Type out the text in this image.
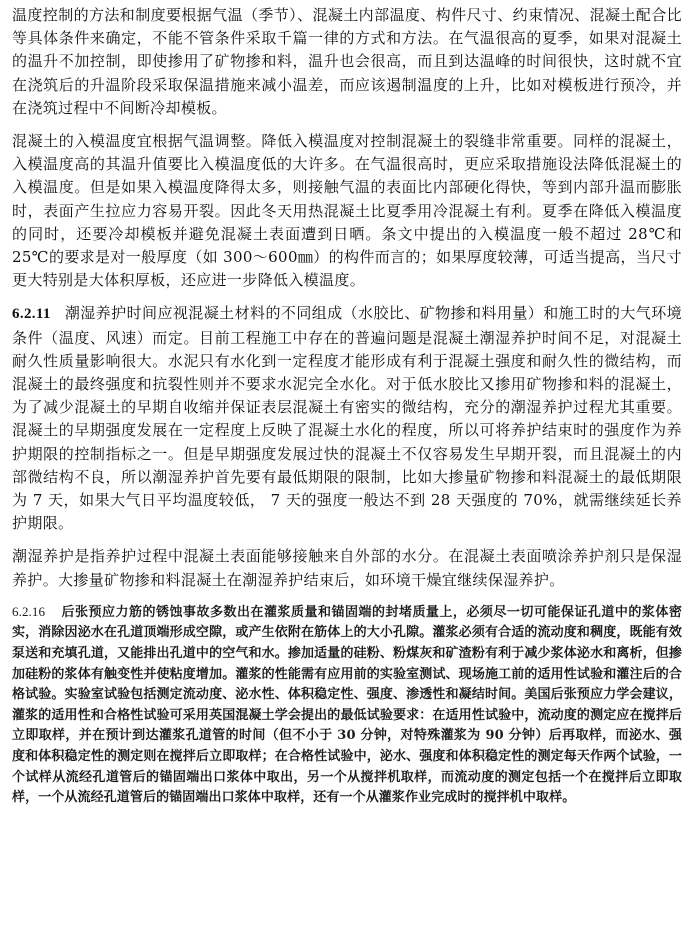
温度控制的方法和制度要根据气温（季节）、混凝土内部温度、构件尺寸、约束情况、混凝土配合比等具体条件来确定，不能不管条件采取千篇一律的方式和方法。在气温很高的夏季，如果对混凝土的温升不加控制，即使掺用了矿物掺和料，温升也会很高，而且到达温峰的时间很快，这时就不宜在浇筑后的升温阶段采取保温措施来减小温差，而应该遏制温度的上升，比如对模板进行预冷，并在浇筑过程中不间断冷却模板。

混凝土的入模温度宜根据气温调整。降低入模温度对控制混凝土的裂缝非常重要。同样的混凝土，入模温度高的其温升值要比入模温度低的大许多。在气温很高时，更应采取措施设法降低混凝土的入模温度。但是如果入模温度降得太多，则接触气温的表面比内部硬化得快，等到内部升温而膨胀时，表面产生拉应力容易开裂。因此冬天用热混凝土比夏季用冷混凝土有利。夏季在降低入模温度的同时，还要冷却模板并避免混凝土表面遭到日晒。条文中提出的入模温度一般不超过 28℃和 25℃的要求是对一般厚度（如 300～600㎜）的构件而言的；如果厚度较薄，可适当提高，当尺寸更大特别是大体积厚板，还应进一步降低入模温度。

6.2.11 潮湿养护时间应视混凝土材料的不同组成（水胶比、矿物掺和料用量）和施工时的大气环境条件（温度、风速）而定。目前工程施工中存在的普遍问题是混凝土潮湿养护时间不足，对混凝土耐久性质量影响很大。水泥只有水化到一定程度才能形成有利于混凝土强度和耐久性的微结构，而混凝土的最终强度和抗裂性则并不要求水泥完全水化。对于低水胶比又掺用矿物掺和料的混凝土，为了减少混凝土的早期自收缩并保证表层混凝土有密实的微结构，充分的潮湿养护过程尤其重要。混凝土的早期强度发展在一定程度上反映了混凝土水化的程度，所以可将养护结束时的强度作为养护期限的控制指标之一。但是早期强度发展过快的混凝土不仅容易发生早期开裂，而且混凝土的内部微结构不良，所以潮湿养护首先要有最低期限的限制，比如大掺量矿物掺和料混凝土的最低期限为 7 天，如果大气日平均温度较低， 7 天的强度一般达不到 28 天强度的 70%，就需继续延长养护期限。

潮湿养护是指养护过程中混凝土表面能够接触来自外部的水分。在混凝土表面喷涂养护剂只是保湿养护。大掺量矿物掺和料混凝土在潮湿养护结束后，如环境干燥宜继续保湿养护。

6.2.16 后张预应力筋的锈蚀事故多数出在灌浆质量和锚固端的封堵质量上，必须尽一切可能保证孔道中的浆体密实，消除因泌水在孔道顶端形成空隙，或产生依附在筋体上的大小孔隙。灌浆必须有合适的流动度和稠度，既能有效泵送和充填孔道，又能排出孔道中的空气和水。掺加适量的硅粉、粉煤灰和矿渣粉有利于减少浆体泌水和离析，但掺加硅粉的浆体有触变性并使粘度增加。灌浆的性能需有应用前的实验室测试、现场施工前的适用性试验和灌注后的合格试验。实验室试验包括测定流动度、泌水性、体积稳定性、强度、渗透性和凝结时间。美国后张预应力学会建议，灌浆的适用性和合格性试验可采用英国混凝土学会提出的最低试验要求：在适用性试验中，流动度的测定应在搅拌后立即取样，并在预计到达灌浆孔道管的时间（但不小于 30 分钟，对特殊灌浆为 90 分钟）后再取样，而泌水、强度和体积稳定性的测定则在搅拌后立即取样；在合格性试验中，泌水、强度和体积稳定性的测定每天作两个试验，一个试样从流经孔道管后的锚固端出口浆体中取出，另一个从搅拌机取样，而流动度的测定包括一个在搅拌后立即取样，一个从流经孔道管后的锚固端出口浆体中取样，还有一个从灌浆作业完成时的搅拌机中取样。
